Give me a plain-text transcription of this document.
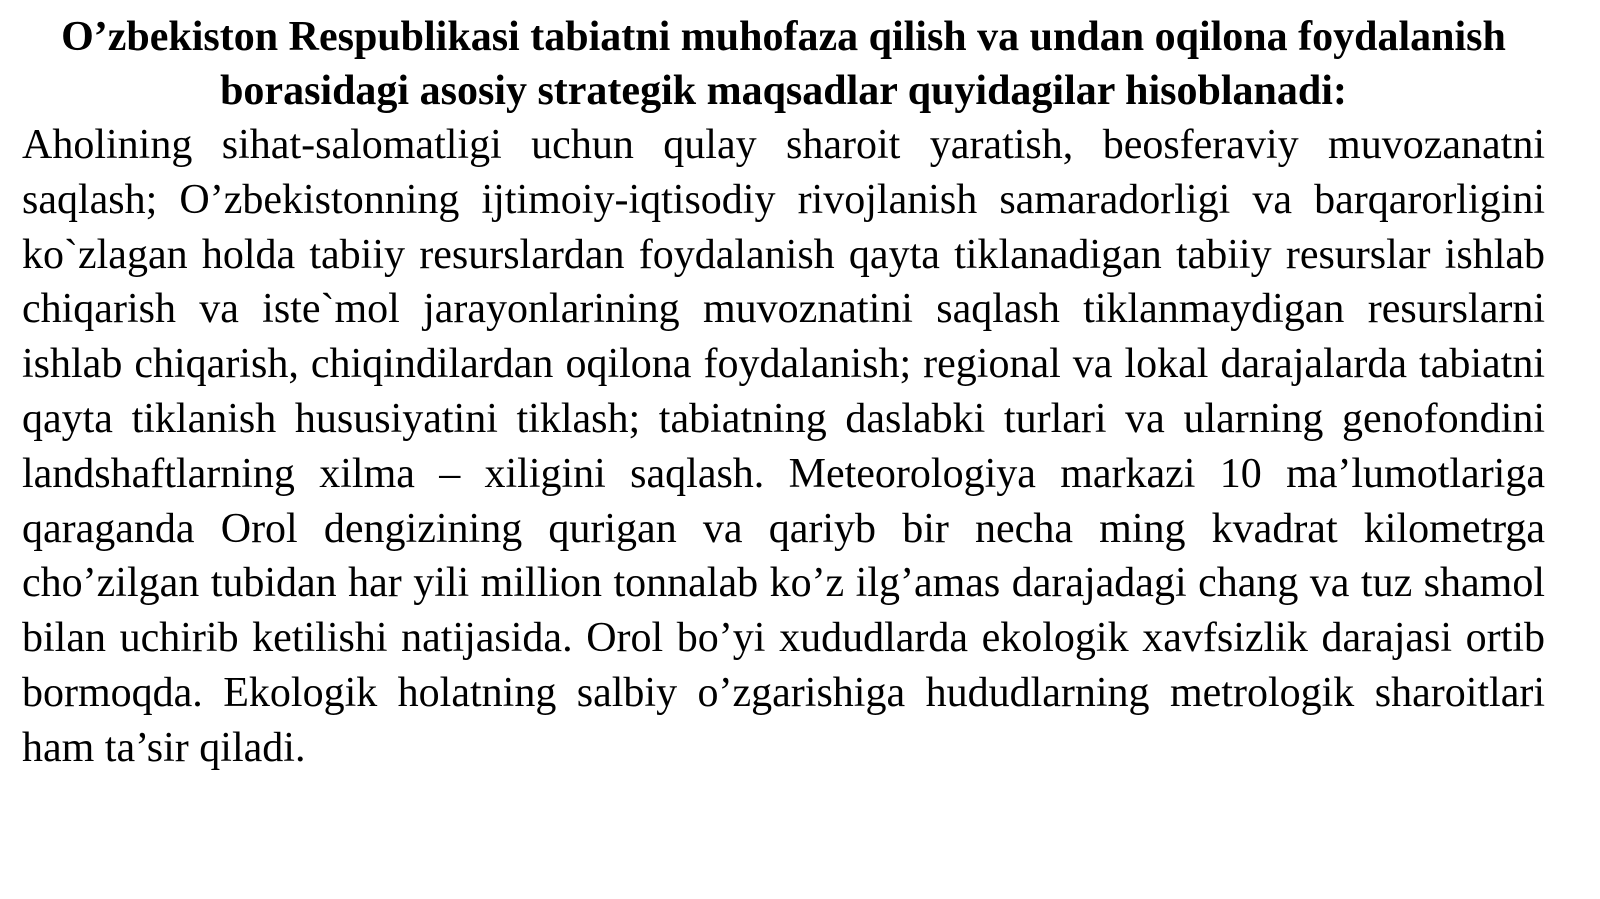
O’zbekiston Respublikasi tabiatni muhofaza qilish va undan oqilona foydalanish borasidagi asosiy strategik maqsadlar quyidagilar hisoblanadi:

Aholining sihat-salomatligi uchun qulay sharoit yaratish, beosferaviy muvozanatni saqlash; O’zbekistonning ijtimoiy-iqtisodiy rivojlanish samaradorligi va barqarorligini ko`zlagan holda tabiiy resurslardan foydalanish qayta tiklanadigan tabiiy resurslar ishlab chiqarish va iste`mol jarayonlarining muvoznatini saqlash tiklanmaydigan resurslarni ishlab chiqarish, chiqindilardan oqilona foydalanish; regional va lokal darajalarda tabiatni qayta tiklanish hususiyatini tiklash; tabiatning daslabki turlari va ularning genofondini landshaftlarning xilma – xiligini saqlash. Meteorologiya markazi 10 ma’lumotlariga qaraganda Orol dengizining qurigan va qariyb bir necha ming kvadrat kilometrga cho’zilgan tubidan har yili million tonnalab ko’z ilg’amas darajadagi chang va tuz shamol bilan uchirib ketilishi natijasida. Orol bo’yi xududlarda ekologik xavfsizlik darajasi ortib bormoqda. Ekologik holatning salbiy o’zgarishiga hududlarning metrologik sharoitlari ham ta’sir qiladi.
